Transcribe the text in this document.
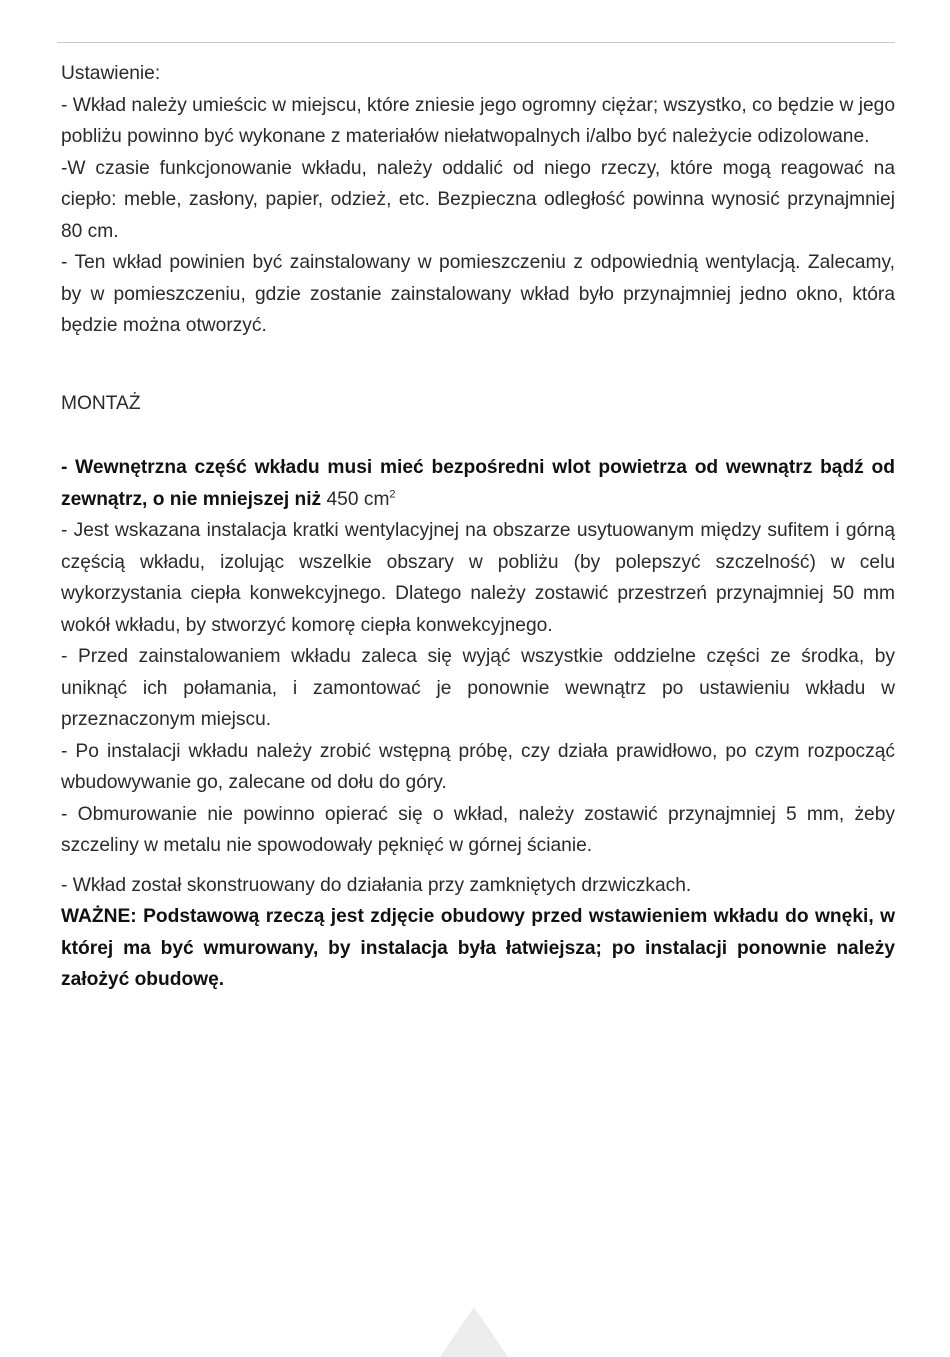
Ustawienie:

- Wkład należy umieścic w miejscu, które zniesie jego ogromny ciężar; wszystko, co będzie w jego pobliżu powinno być wykonane z materiałów niełatwopalnych i/albo być należycie odizolowane.

-W czasie funkcjonowanie wkładu, należy oddalić od niego rzeczy, które mogą reagować na ciepło: meble, zasłony, papier, odzież, etc. Bezpieczna odległość powinna wynosić przynajmniej 80 cm.

- Ten wkład powinien być zainstalowany w pomieszczeniu z odpowiednią wentylacją. Zalecamy, by w pomieszczeniu, gdzie zostanie zainstalowany wkład było przynajmniej jedno okno, która będzie można otworzyć.

MONTAŻ

- Wewnętrzna część wkładu musi mieć bezpośredni wlot powietrza od wewnątrz bądź od zewnątrz, o nie mniejszej niż 450 $cm^2$

- Jest wskazana instalacja kratki wentylacyjnej na obszarze usytuowanym między sufitem i górną częścią wkładu, izolując wszelkie obszary w pobliżu (by polepszyć szczelność) w celu wykorzystania ciepła konwekcyjnego. Dlatego należy zostawić przestrzeń przynajmniej 50 mm wokół wkładu, by stworzyć komorę ciepła konwekcyjnego.

- Przed zainstalowaniem wkładu zaleca się wyjąć wszystkie oddzielne części ze środka, by uniknąć ich połamania, i zamontować je ponownie wewnątrz po ustawieniu wkładu w przeznaczonym miejscu.

- Po instalacji wkładu należy zrobić wstępną próbę, czy działa prawidłowo, po czym rozpocząć wbudowywanie go, zalecane od dołu do góry.

- Obmurowanie nie powinno opierać się o wkład, należy zostawić przynajmniej 5 mm, żeby szczeliny w metalu nie spowodowały pęknięć w górnej ścianie.

- Wkład został skonstruowany do działania przy zamkniętych drzwiczkach.

WAŻNE: Podstawową rzeczą jest zdjęcie obudowy przed wstawieniem wkładu do wnęki, w której ma być wmurowany, by instalacja była łatwiejsza; po instalacji ponownie należy założyć obudowę.
